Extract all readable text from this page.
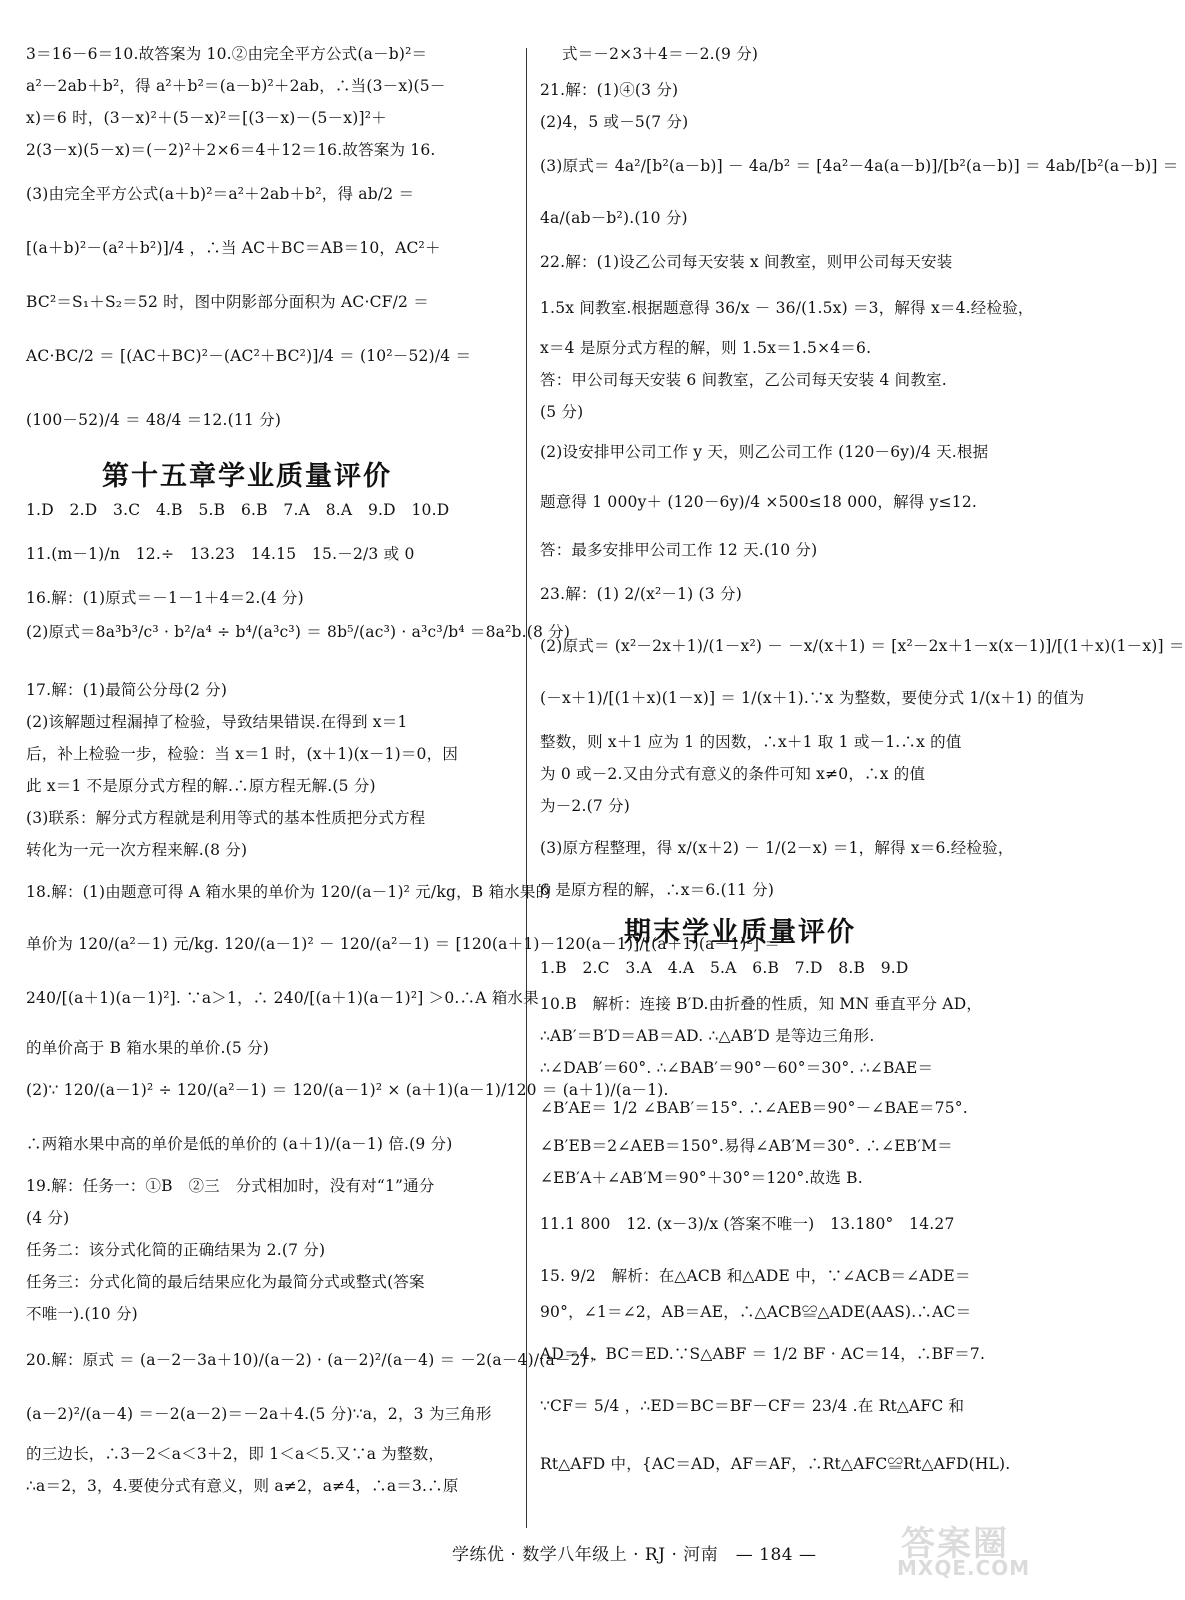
3＝16－6＝10.故答案为 10.②由完全平方公式(a－b)²＝
a²－2ab＋b²，得 a²＋b²＝(a－b)²＋2ab，∴当(3－x)(5－
x)＝6 时，(3－x)²＋(5－x)²＝[(3－x)－(5－x)]²＋
2(3－x)(5－x)＝(－2)²＋2×6＝4＋12＝16.故答案为 16.
(3)由完全平方公式(a＋b)²＝a²＋2ab＋b²，得 ab/2 ＝
[(a＋b)²－(a²＋b²)]/4 ，∴当 AC＋BC＝AB＝10，AC²＋
BC²＝S₁＋S₂＝52 时，图中阴影部分面积为 AC·CF/2 ＝
AC·BC/2 ＝ [(AC＋BC)²－(AC²＋BC²)]/4 ＝ (10²－52)/4 ＝
(100－52)/4 ＝ 48/4 ＝12.(11 分)
第十五章学业质量评价
1.D　2.D　3.C　4.B　5.B　6.B　7.A　8.A　9.D　10.D
11.(m－1)/n　12.÷　13.23　14.15　15.－2/3 或 0
16.解：(1)原式＝－1－1＋4＝2.(4 分)
(2)原式＝8a³b³/c³ · b²/a⁴ ÷ b⁴/(a³c³) ＝ 8b⁵/(ac³) · a³c³/b⁴ ＝8a²b.(8 分)
17.解：(1)最简公分母(2 分)
(2)该解题过程漏掉了检验，导致结果错误.在得到 x＝1
后，补上检验一步，检验：当 x＝1 时，(x＋1)(x－1)＝0，因
此 x＝1 不是原分式方程的解.∴原方程无解.(5 分)
(3)联系：解分式方程就是利用等式的基本性质把分式方程
转化为一元一次方程来解.(8 分)
18.解：(1)由题意可得 A 箱水果的单价为 120/(a－1)² 元/kg，B 箱水果的
单价为 120/(a²－1) 元/kg. 120/(a－1)² － 120/(a²－1) ＝ [120(a＋1)－120(a－1)]/[(a＋1)(a－1)²] ＝
240/[(a＋1)(a－1)²]. ∵a＞1，∴ 240/[(a＋1)(a－1)²] ＞0.∴A 箱水果
的单价高于 B 箱水果的单价.(5 分)
(2)∵ 120/(a－1)² ÷ 120/(a²－1) ＝ 120/(a－1)² × (a＋1)(a－1)/120 ＝ (a＋1)/(a－1).
∴两箱水果中高的单价是低的单价的 (a＋1)/(a－1) 倍.(9 分)
19.解：任务一：①B　②三　分式相加时，没有对“1”通分
(4 分)
任务二：该分式化简的正确结果为 2.(7 分)
任务三：分式化简的最后结果应化为最简分式或整式(答案
不唯一).(10 分)
20.解：原式 ＝ (a－2－3a＋10)/(a－2) · (a－2)²/(a－4) ＝ －2(a－4)/(a－2) ·
(a－2)²/(a－4) ＝－2(a－2)＝－2a＋4.(5 分)∵a，2，3 为三角形
的三边长，∴3－2＜a＜3＋2，即 1＜a＜5.又∵a 为整数，
∴a＝2，3，4.要使分式有意义，则 a≠2，a≠4，∴a＝3.∴原
式＝－2×3＋4＝－2.(9 分)
21.解：(1)④(3 分)
(2)4，5 或－5(7 分)
(3)原式＝ 4a²/[b²(a－b)] － 4a/b² ＝ [4a²－4a(a－b)]/[b²(a－b)] ＝ 4ab/[b²(a－b)] ＝
4a/(ab－b²).(10 分)
22.解：(1)设乙公司每天安装 x 间教室，则甲公司每天安装
1.5x 间教室.根据题意得 36/x － 36/(1.5x) ＝3，解得 x＝4.经检验，
x＝4 是原分式方程的解，则 1.5x＝1.5×4＝6.
答：甲公司每天安装 6 间教室，乙公司每天安装 4 间教室.
(5 分)
(2)设安排甲公司工作 y 天，则乙公司工作 (120－6y)/4 天.根据
题意得 1 000y＋ (120－6y)/4 ×500≤18 000，解得 y≤12.
答：最多安排甲公司工作 12 天.(10 分)
23.解：(1) 2/(x²－1) (3 分)
(2)原式＝ (x²－2x＋1)/(1－x²) － －x/(x＋1) ＝ [x²－2x＋1－x(x－1)]/[(1＋x)(1－x)] ＝
(－x＋1)/[(1＋x)(1－x)] ＝ 1/(x＋1).∵x 为整数，要使分式 1/(x＋1) 的值为
整数，则 x＋1 应为 1 的因数，∴x＋1 取 1 或－1.∴x 的值
为 0 或－2.又由分式有意义的条件可知 x≠0，∴x 的值
为－2.(7 分)
(3)原方程整理，得 x/(x＋2) － 1/(2－x) ＝1，解得 x＝6.经检验，
6 是原方程的解，∴x＝6.(11 分)
期末学业质量评价
1.B　2.C　3.A　4.A　5.A　6.B　7.D　8.B　9.D
10.B　解析：连接 B′D.由折叠的性质，知 MN 垂直平分 AD，
∴AB′＝B′D＝AB＝AD. ∴△AB′D 是等边三角形.
∴∠DAB′＝60°. ∴∠BAB′＝90°－60°＝30°. ∴∠BAE＝
∠B′AE＝ 1/2 ∠BAB′＝15°. ∴∠AEB＝90°－∠BAE＝75°.
∠B′EB＝2∠AEB＝150°.易得∠AB′M＝30°. ∴∠EB′M＝
∠EB′A＋∠AB′M＝90°＋30°＝120°.故选 B.
11.1 800　12. (x－3)/x (答案不唯一)　13.180°　14.27
15. 9/2　解析：在△ACB 和△ADE 中，∵∠ACB＝∠ADE＝
90°，∠1＝∠2，AB＝AE，∴△ACB≌△ADE(AAS).∴AC＝
AD＝4，BC＝ED.∵S△ABF ＝ 1/2 BF · AC＝14，∴BF＝7.
∵CF＝ 5/4 ，∴ED＝BC＝BF－CF＝ 23/4 .在 Rt△AFC 和
Rt△AFD 中，{AC＝AD，AF＝AF，∴Rt△AFC≌Rt△AFD(HL).
学练优 · 数学八年级上 · RJ · 河南　— 184 — 答案圈
MXQE.COM
